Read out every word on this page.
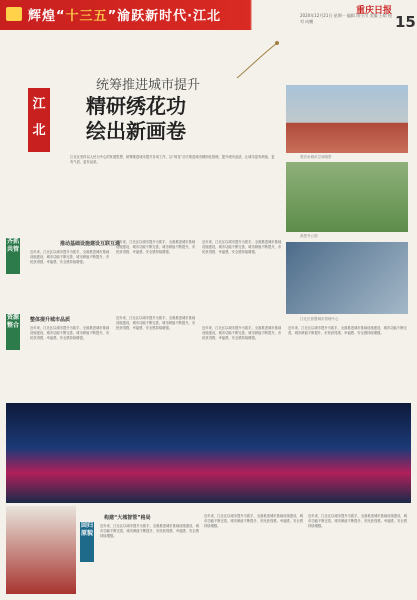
辉煌“十三五”渝跃新时代·江北	重庆日报
2020年12月21日 星期一 编辑 周小川 美编 王晴 校对 向鹏	15
江北
统筹推进城市提升
精研绣花功
绘出新画卷
江北区坚持以人民为中心的发展思想，统筹推进城市提升各项工作，以“绣花”功夫推进城市精细化管理，提升城市品质，让城市更有颜值、更有气质、更有品质。
观音岩城市空间图景
鸿恩寺公园
江北区智慧城市管理中心
齐抓共管
推动基础设施建设互联互通
近年来，江北区以城市提升为抓手，全面推进城市基础设施建设，城市功能不断完善，城市颜值不断提升，市民获得感、幸福感、安全感持续增强。
近年来，江北区以城市提升为抓手，全面推进城市基础设施建设，城市功能不断完善，城市颜值不断提升，市民获得感、幸福感、安全感持续增强。
近年来，江北区以城市提升为抓手，全面推进城市基础设施建设，城市功能不断完善，城市颜值不断提升，市民获得感、幸福感、安全感持续增强。
资源整合
整体提升城市品质
近年来，江北区以城市提升为抓手，全面推进城市基础设施建设，城市功能不断完善，城市颜值不断提升，市民获得感、幸福感、安全感持续增强。
近年来，江北区以城市提升为抓手，全面推进城市基础设施建设，城市功能不断完善，城市颜值不断提升，市民获得感、幸福感、安全感持续增强。	近年来，江北区以城市提升为抓手，全面推进城市基础设施建设，城市功能不断完善，城市颜值不断提升，市民获得感、幸福感、安全感持续增强。
近年来，江北区以城市提升为抓手，全面推进城市基础设施建设，城市功能不断完善，城市颜值不断提升，市民获得感、幸福感、安全感持续增强。
回归原貌
构建“大城智管”格局
近年来，江北区以城市提升为抓手，全面推进城市基础设施建设，城市功能不断完善，城市颜值不断提升，市民获得感、幸福感、安全感持续增强。
近年来，江北区以城市提升为抓手，全面推进城市基础设施建设，城市功能不断完善，城市颜值不断提升，市民获得感、幸福感、安全感持续增强。
近年来，江北区以城市提升为抓手，全面推进城市基础设施建设，城市功能不断完善，城市颜值不断提升，市民获得感、幸福感、安全感持续增强。
